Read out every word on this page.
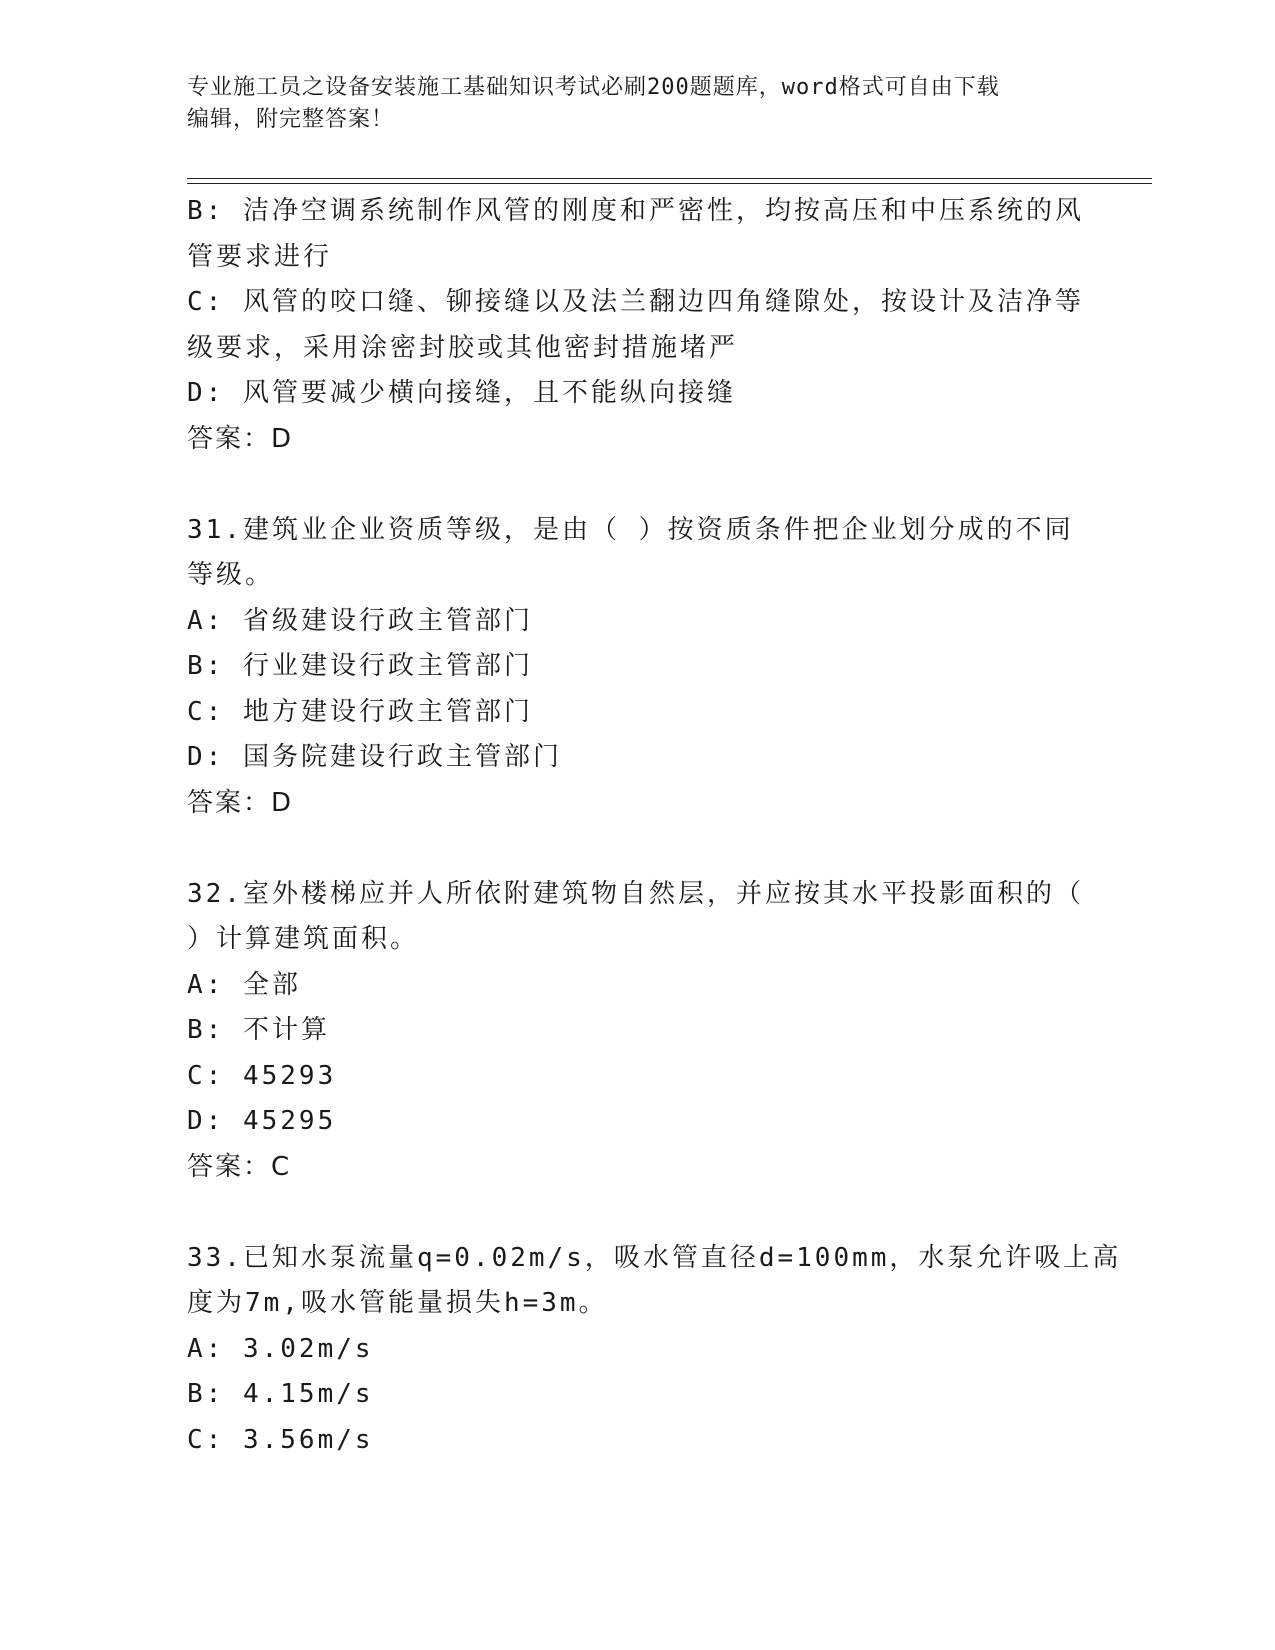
专业施工员之设备安装施工基础知识考试必刷200题题库，word格式可自由下载
编辑，附完整答案！
B: 洁净空调系统制作风管的刚度和严密性，均按高压和中压系统的风
管要求进行
C: 风管的咬口缝、铆接缝以及法兰翻边四角缝隙处，按设计及洁净等
级要求，采用涂密封胶或其他密封措施堵严
D: 风管要减少横向接缝，且不能纵向接缝
答案：D
31.建筑业企业资质等级，是由（ ）按资质条件把企业划分成的不同
等级。
A: 省级建设行政主管部门
B: 行业建设行政主管部门
C: 地方建设行政主管部门
D: 国务院建设行政主管部门
答案：D
32.室外楼梯应并人所依附建筑物自然层，并应按其水平投影面积的（
）计算建筑面积。
A: 全部
B: 不计算
C: 45293
D: 45295
答案：C
33.已知水泵流量q=0.02m/s，吸水管直径d=100mm，水泵允许吸上高
度为7m,吸水管能量损失h=3m。
A: 3.02m/s
B: 4.15m/s
C: 3.56m/s
